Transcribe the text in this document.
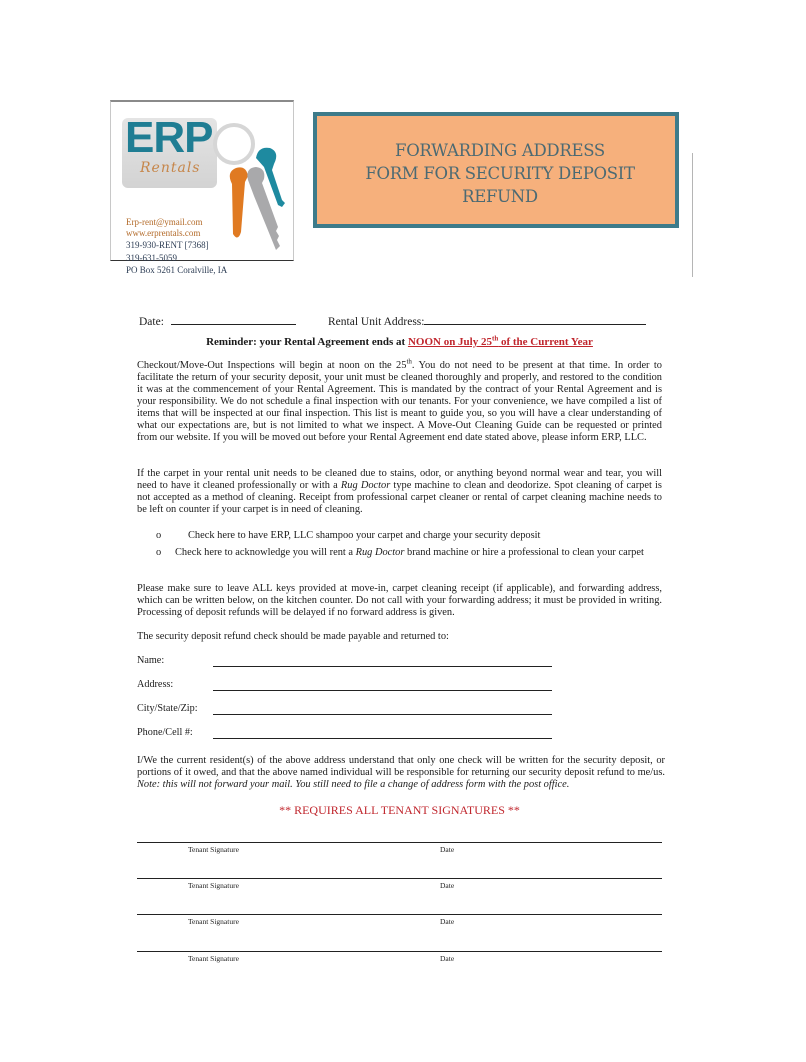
ERP
Rentals
Erp-rent@ymail.com
www.erprentals.com
319-930-RENT [7368]
319-631-5059
PO Box 5261 Coralville, IA
FORWARDING ADDRESS
FORM FOR SECURITY DEPOSIT
REFUND
Date:	Rental Unit Address:
Reminder: your Rental Agreement ends at NOON on July 25th of the Current Year
Checkout/Move-Out Inspections will begin at noon on the 25th. You do not need to be present at that time. In order to facilitate the return of your security deposit, your unit must be cleaned thoroughly and properly, and restored to the condition it was at the commencement of your Rental Agreement. This is mandated by the contract of your Rental Agreement and is your responsibility. We do not schedule a final inspection with our tenants. For your convenience, we have compiled a list of items that will be inspected at our final inspection. This list is meant to guide you, so you will have a clear understanding of what our expectations are, but is not limited to what we inspect. A Move-Out Cleaning Guide can be requested or printed from our website. If you will be moved out before your Rental Agreement end date stated above, please inform ERP, LLC.
If the carpet in your rental unit needs to be cleaned due to stains, odor, or anything beyond normal wear and tear, you will need to have it cleaned professionally or with a Rug Doctor type machine to clean and deodorize. Spot cleaning of carpet is not accepted as a method of cleaning. Receipt from professional carpet cleaner or rental of carpet cleaning machine needs to be left on counter if your carpet is in need of cleaning.
o	Check here to have ERP, LLC shampoo your carpet and charge your security deposit
o Check here to acknowledge you will rent a Rug Doctor brand machine or hire a professional to clean your carpet
Please make sure to leave ALL keys provided at move-in, carpet cleaning receipt (if applicable), and forwarding address, which can be written below, on the kitchen counter. Do not call with your forwarding address; it must be provided in writing. Processing of deposit refunds will be delayed if no forward address is given.
The security deposit refund check should be made payable and returned to:
Name:
Address:
City/State/Zip:
Phone/Cell #:
I/We the current resident(s) of the above address understand that only one check will be written for the security deposit, or portions of it owed, and that the above named individual will be responsible for returning our security deposit refund to me/us. Note: this will not forward your mail. You still need to file a change of address form with the post office.
** REQUIRES ALL TENANT SIGNATURES **
Tenant Signature	Date
Tenant Signature	Date
Tenant Signature	Date
Tenant Signature	Date
